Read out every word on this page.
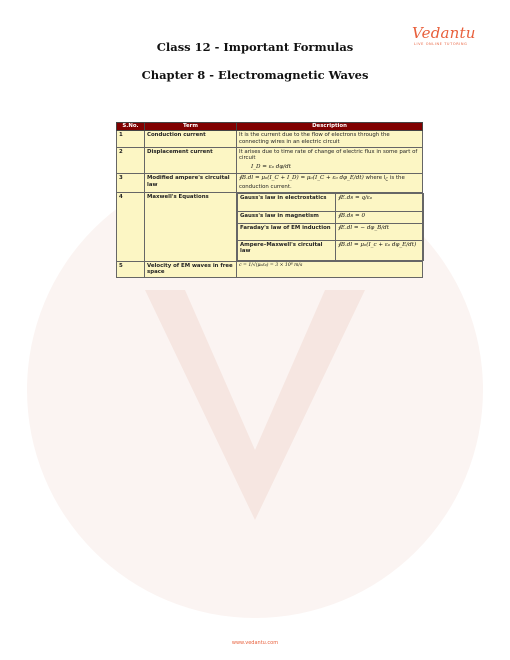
Vedantu
LIVE ONLINE TUTORING
Class 12 - Important Formulas
Chapter 8 - Electromagnetic Waves
S.No.	Term	Description
1	Conduction current	It is the current due to the flow of electrons through the connecting wires in an electric circuit
2	Displacement current	It arises due to time rate of change of electric flux in some part of circuit
I_D = ε₀ dφ/dt

3	Modified ampere's circuital law	∮B.dl = μ₀(I_C + I_D) = μ₀(I_C + ε₀ dφ_E/dt) where $I_C$ is the conduction current.
4	Maxwell's Equations		Gauss's law in electrostatics	∮E.ds = q/ε₀
Gauss's law in magnetism	∮B.ds = 0
Faraday's law of EM induction	∮E.dl = − dφ_B/dt
Ampere–Maxwell's circuital law	∮B.dl = μ₀(I_c + ε₀ dφ_E/dt)

5	Velocity of EM waves in free space	c = 1/√(μ₀ε₀) = 3 × 10⁸ m/s
www.vedantu.com
